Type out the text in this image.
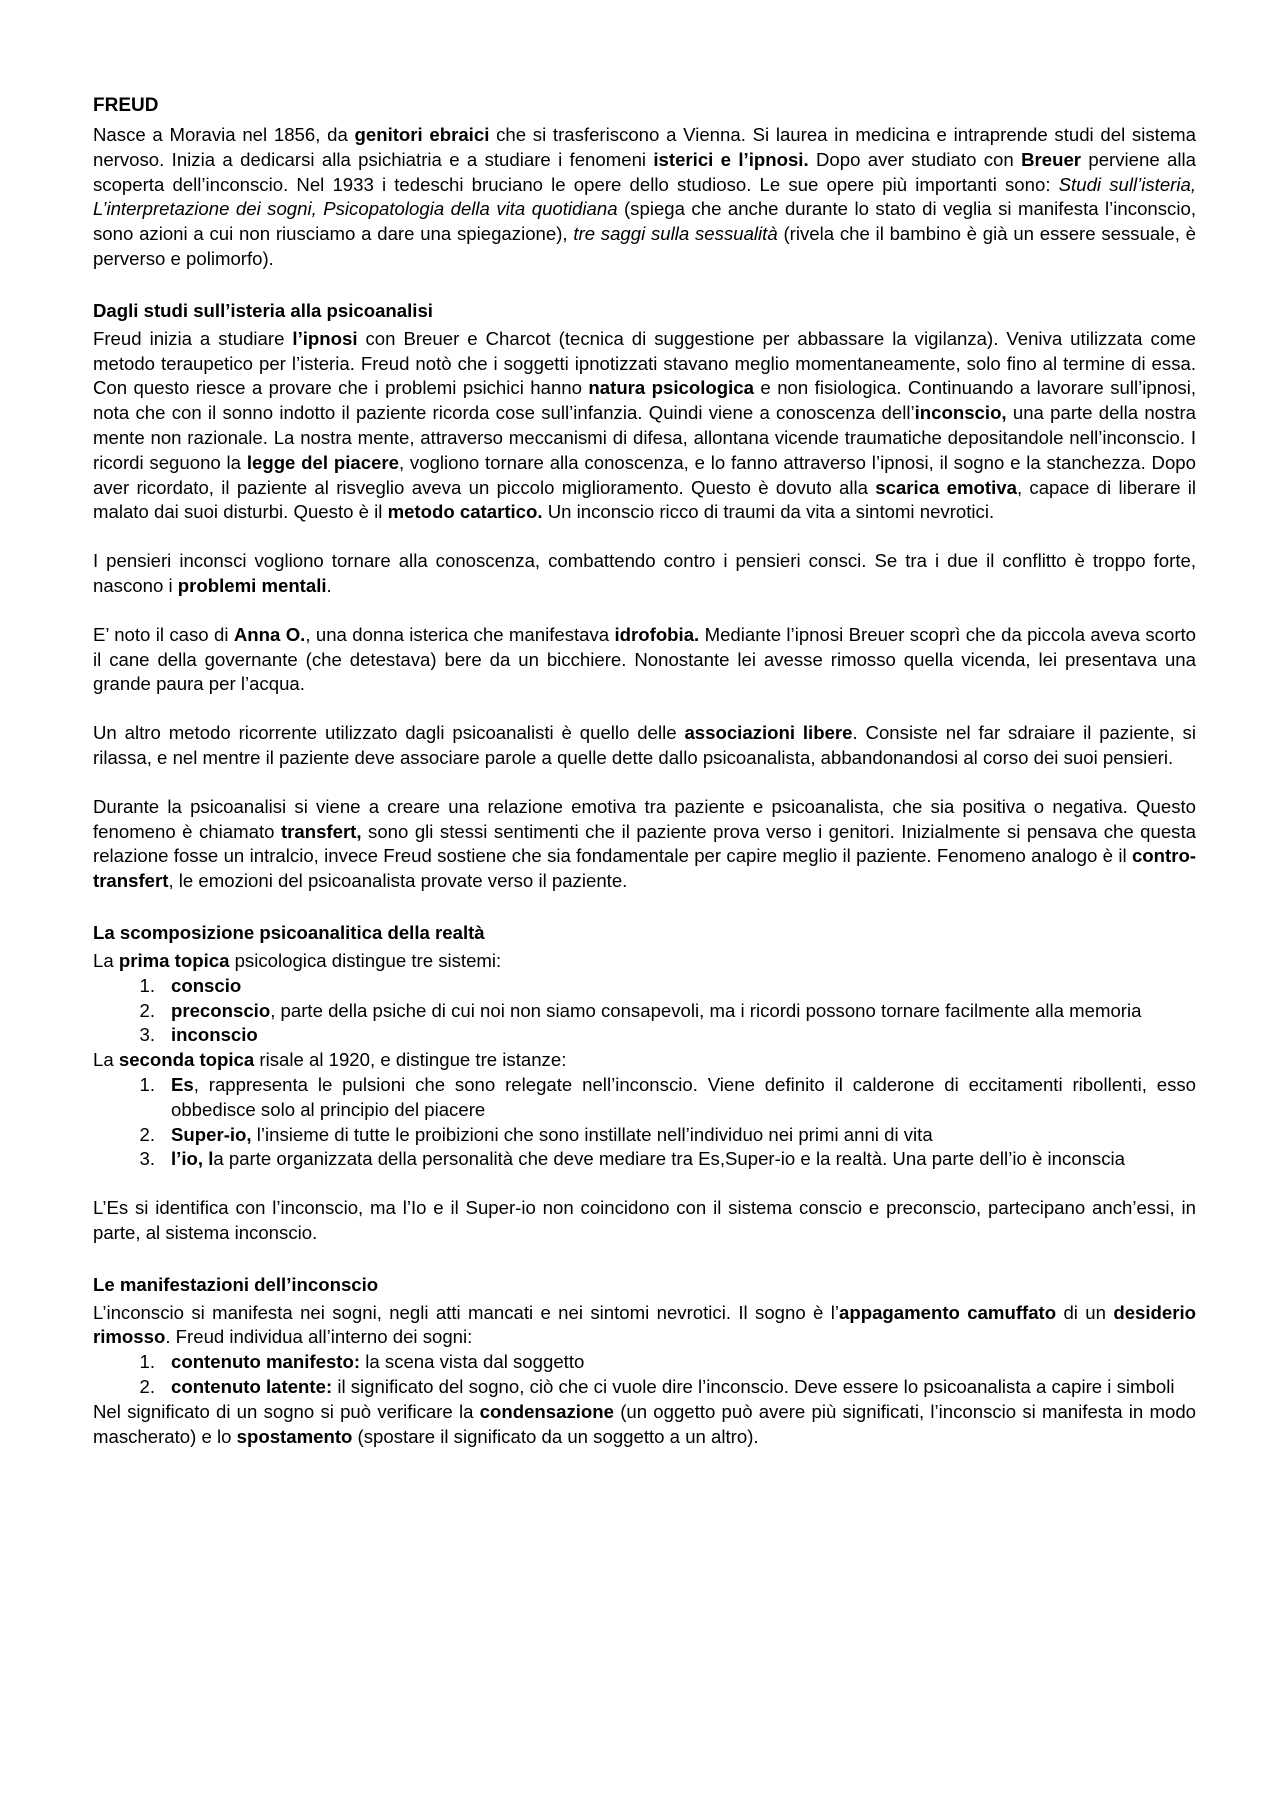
FREUD

Nasce a Moravia nel 1856, da genitori ebraici che si trasferiscono a Vienna. Si laurea in medicina e intraprende studi del sistema nervoso. Inizia a dedicarsi alla psichiatria e a studiare i fenomeni isterici e l’ipnosi. Dopo aver studiato con Breuer perviene alla scoperta dell’inconscio. Nel 1933 i tedeschi bruciano le opere dello studioso. Le sue opere più importanti sono: Studi sull’isteria, L’interpretazione dei sogni, Psicopatologia della vita quotidiana (spiega che anche durante lo stato di veglia si manifesta l’inconscio, sono azioni a cui non riusciamo a dare una spiegazione), tre saggi sulla sessualità (rivela che il bambino è già un essere sessuale, è perverso e polimorfo).

Dagli studi sull’isteria alla psicoanalisi

Freud inizia a studiare l’ipnosi con Breuer e Charcot (tecnica di suggestione per abbassare la vigilanza). Veniva utilizzata come metodo teraupetico per l’isteria. Freud notò che i soggetti ipnotizzati stavano meglio momentaneamente, solo fino al termine di essa. Con questo riesce a provare che i problemi psichici hanno natura psicologica e non fisiologica. Continuando a lavorare sull’ipnosi, nota che con il sonno indotto il paziente ricorda cose sull’infanzia. Quindi viene a conoscenza dell’inconscio, una parte della nostra mente non razionale. La nostra mente, attraverso meccanismi di difesa, allontana vicende traumatiche depositandole nell’inconscio. I ricordi seguono la legge del piacere, vogliono tornare alla conoscenza, e lo fanno attraverso l’ipnosi, il sogno e la stanchezza. Dopo aver ricordato, il paziente al risveglio aveva un piccolo miglioramento. Questo è dovuto alla scarica emotiva, capace di liberare il malato dai suoi disturbi. Questo è il metodo catartico. Un inconscio ricco di traumi da vita a sintomi nevrotici.

I pensieri inconsci vogliono tornare alla conoscenza, combattendo contro i pensieri consci. Se tra i due il conflitto è troppo forte, nascono i problemi mentali.

E’ noto il caso di Anna O., una donna isterica che manifestava idrofobia. Mediante l’ipnosi Breuer scoprì che da piccola aveva scorto il cane della governante (che detestava) bere da un bicchiere. Nonostante lei avesse rimosso quella vicenda, lei presentava una grande paura per l’acqua.

Un altro metodo ricorrente utilizzato dagli psicoanalisti è quello delle associazioni libere. Consiste nel far sdraiare il paziente, si rilassa, e nel mentre il paziente deve associare parole a quelle dette dallo psicoanalista, abbandonandosi al corso dei suoi pensieri.

Durante la psicoanalisi si viene a creare una relazione emotiva tra paziente e psicoanalista, che sia positiva o negativa. Questo fenomeno è chiamato transfert, sono gli stessi sentimenti che il paziente prova verso i genitori. Inizialmente si pensava che questa relazione fosse un intralcio, invece Freud sostiene che sia fondamentale per capire meglio il paziente. Fenomeno analogo è il contro-transfert, le emozioni del psicoanalista provate verso il paziente.

La scomposizione psicoanalitica della realtà

La prima topica psicologica distingue tre sistemi:

1. conscio
2. preconscio, parte della psiche di cui noi non siamo consapevoli, ma i ricordi possono tornare facilmente alla memoria
3. inconscio

La seconda topica risale al 1920, e distingue tre istanze:

1. Es, rappresenta le pulsioni che sono relegate nell’inconscio. Viene definito il calderone di eccitamenti ribollenti, esso obbedisce solo al principio del piacere
2. Super-io, l’insieme di tutte le proibizioni che sono instillate nell’individuo nei primi anni di vita
3. l’io, la parte organizzata della personalità che deve mediare tra Es,Super-io e la realtà. Una parte dell’io è inconscia

L’Es si identifica con l’inconscio, ma l’Io e il Super-io non coincidono con il sistema conscio e preconscio, partecipano anch’essi, in parte, al sistema inconscio.

Le manifestazioni dell’inconscio

L’inconscio si manifesta nei sogni, negli atti mancati e nei sintomi nevrotici. Il sogno è l’appagamento camuffato di un desiderio rimosso. Freud individua all’interno dei sogni:

1. contenuto manifesto: la scena vista dal soggetto
2. contenuto latente: il significato del sogno, ciò che ci vuole dire l’inconscio. Deve essere lo psicoanalista a capire i simboli

Nel significato di un sogno si può verificare la condensazione (un oggetto può avere più significati, l’inconscio si manifesta in modo mascherato) e lo spostamento (spostare il significato da un soggetto a un altro).
